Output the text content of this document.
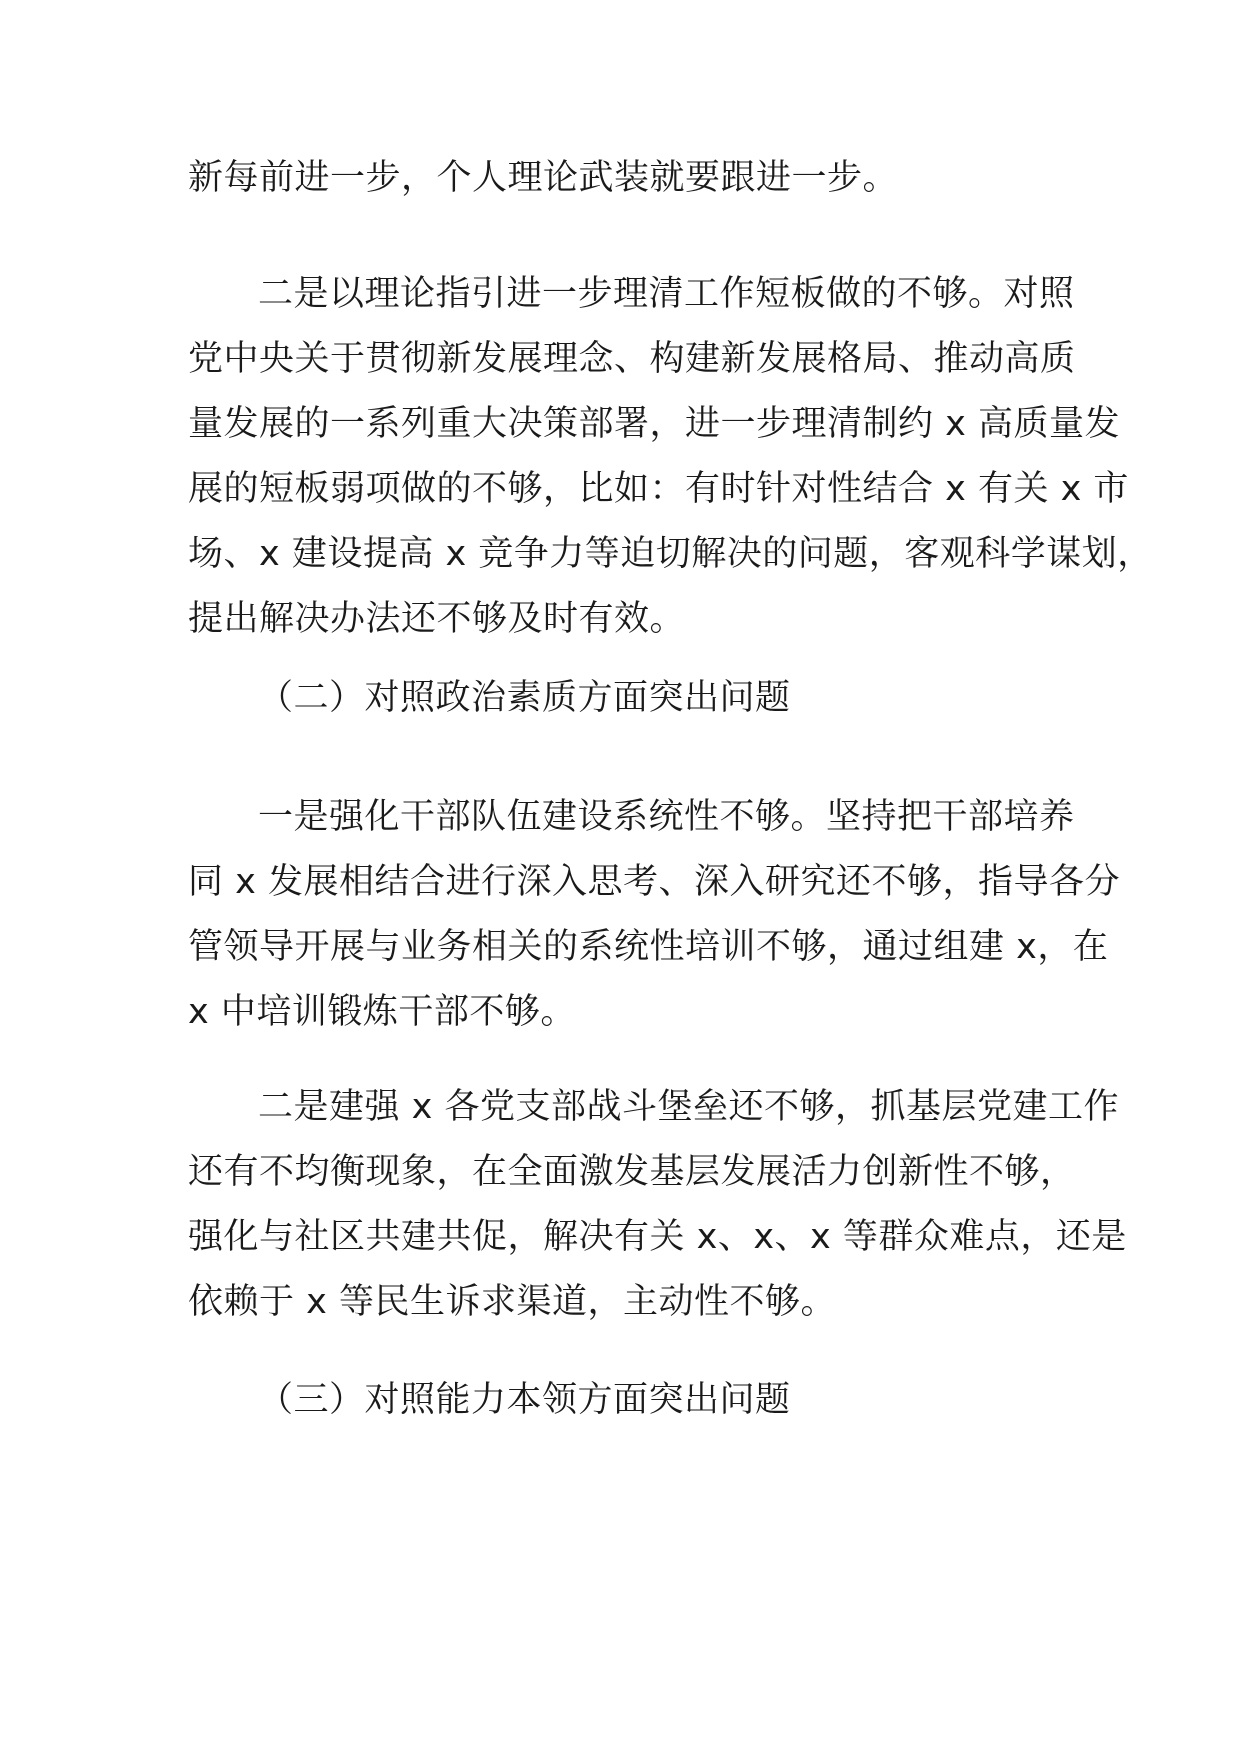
新每前进一步，个人理论武装就要跟进一步。

二是以理论指引进一步理清工作短板做的不够。对照
党中央关于贯彻新发展理念、构建新发展格局、推动高质
量发展的一系列重大决策部署，进一步理清制约 x 高质量发
展的短板弱项做的不够，比如：有时针对性结合 x 有关 x 市
场、x 建设提高 x 竞争力等迫切解决的问题，客观科学谋划，
提出解决办法还不够及时有效。

（二）对照政治素质方面突出问题

一是强化干部队伍建设系统性不够。坚持把干部培养
同 x 发展相结合进行深入思考、深入研究还不够，指导各分
管领导开展与业务相关的系统性培训不够，通过组建 x，在
x 中培训锻炼干部不够。

二是建强 x 各党支部战斗堡垒还不够，抓基层党建工作
还有不均衡现象，在全面激发基层发展活力创新性不够，
强化与社区共建共促，解决有关 x、x、x 等群众难点，还是
依赖于 x 等民生诉求渠道，主动性不够。

（三）对照能力本领方面突出问题
